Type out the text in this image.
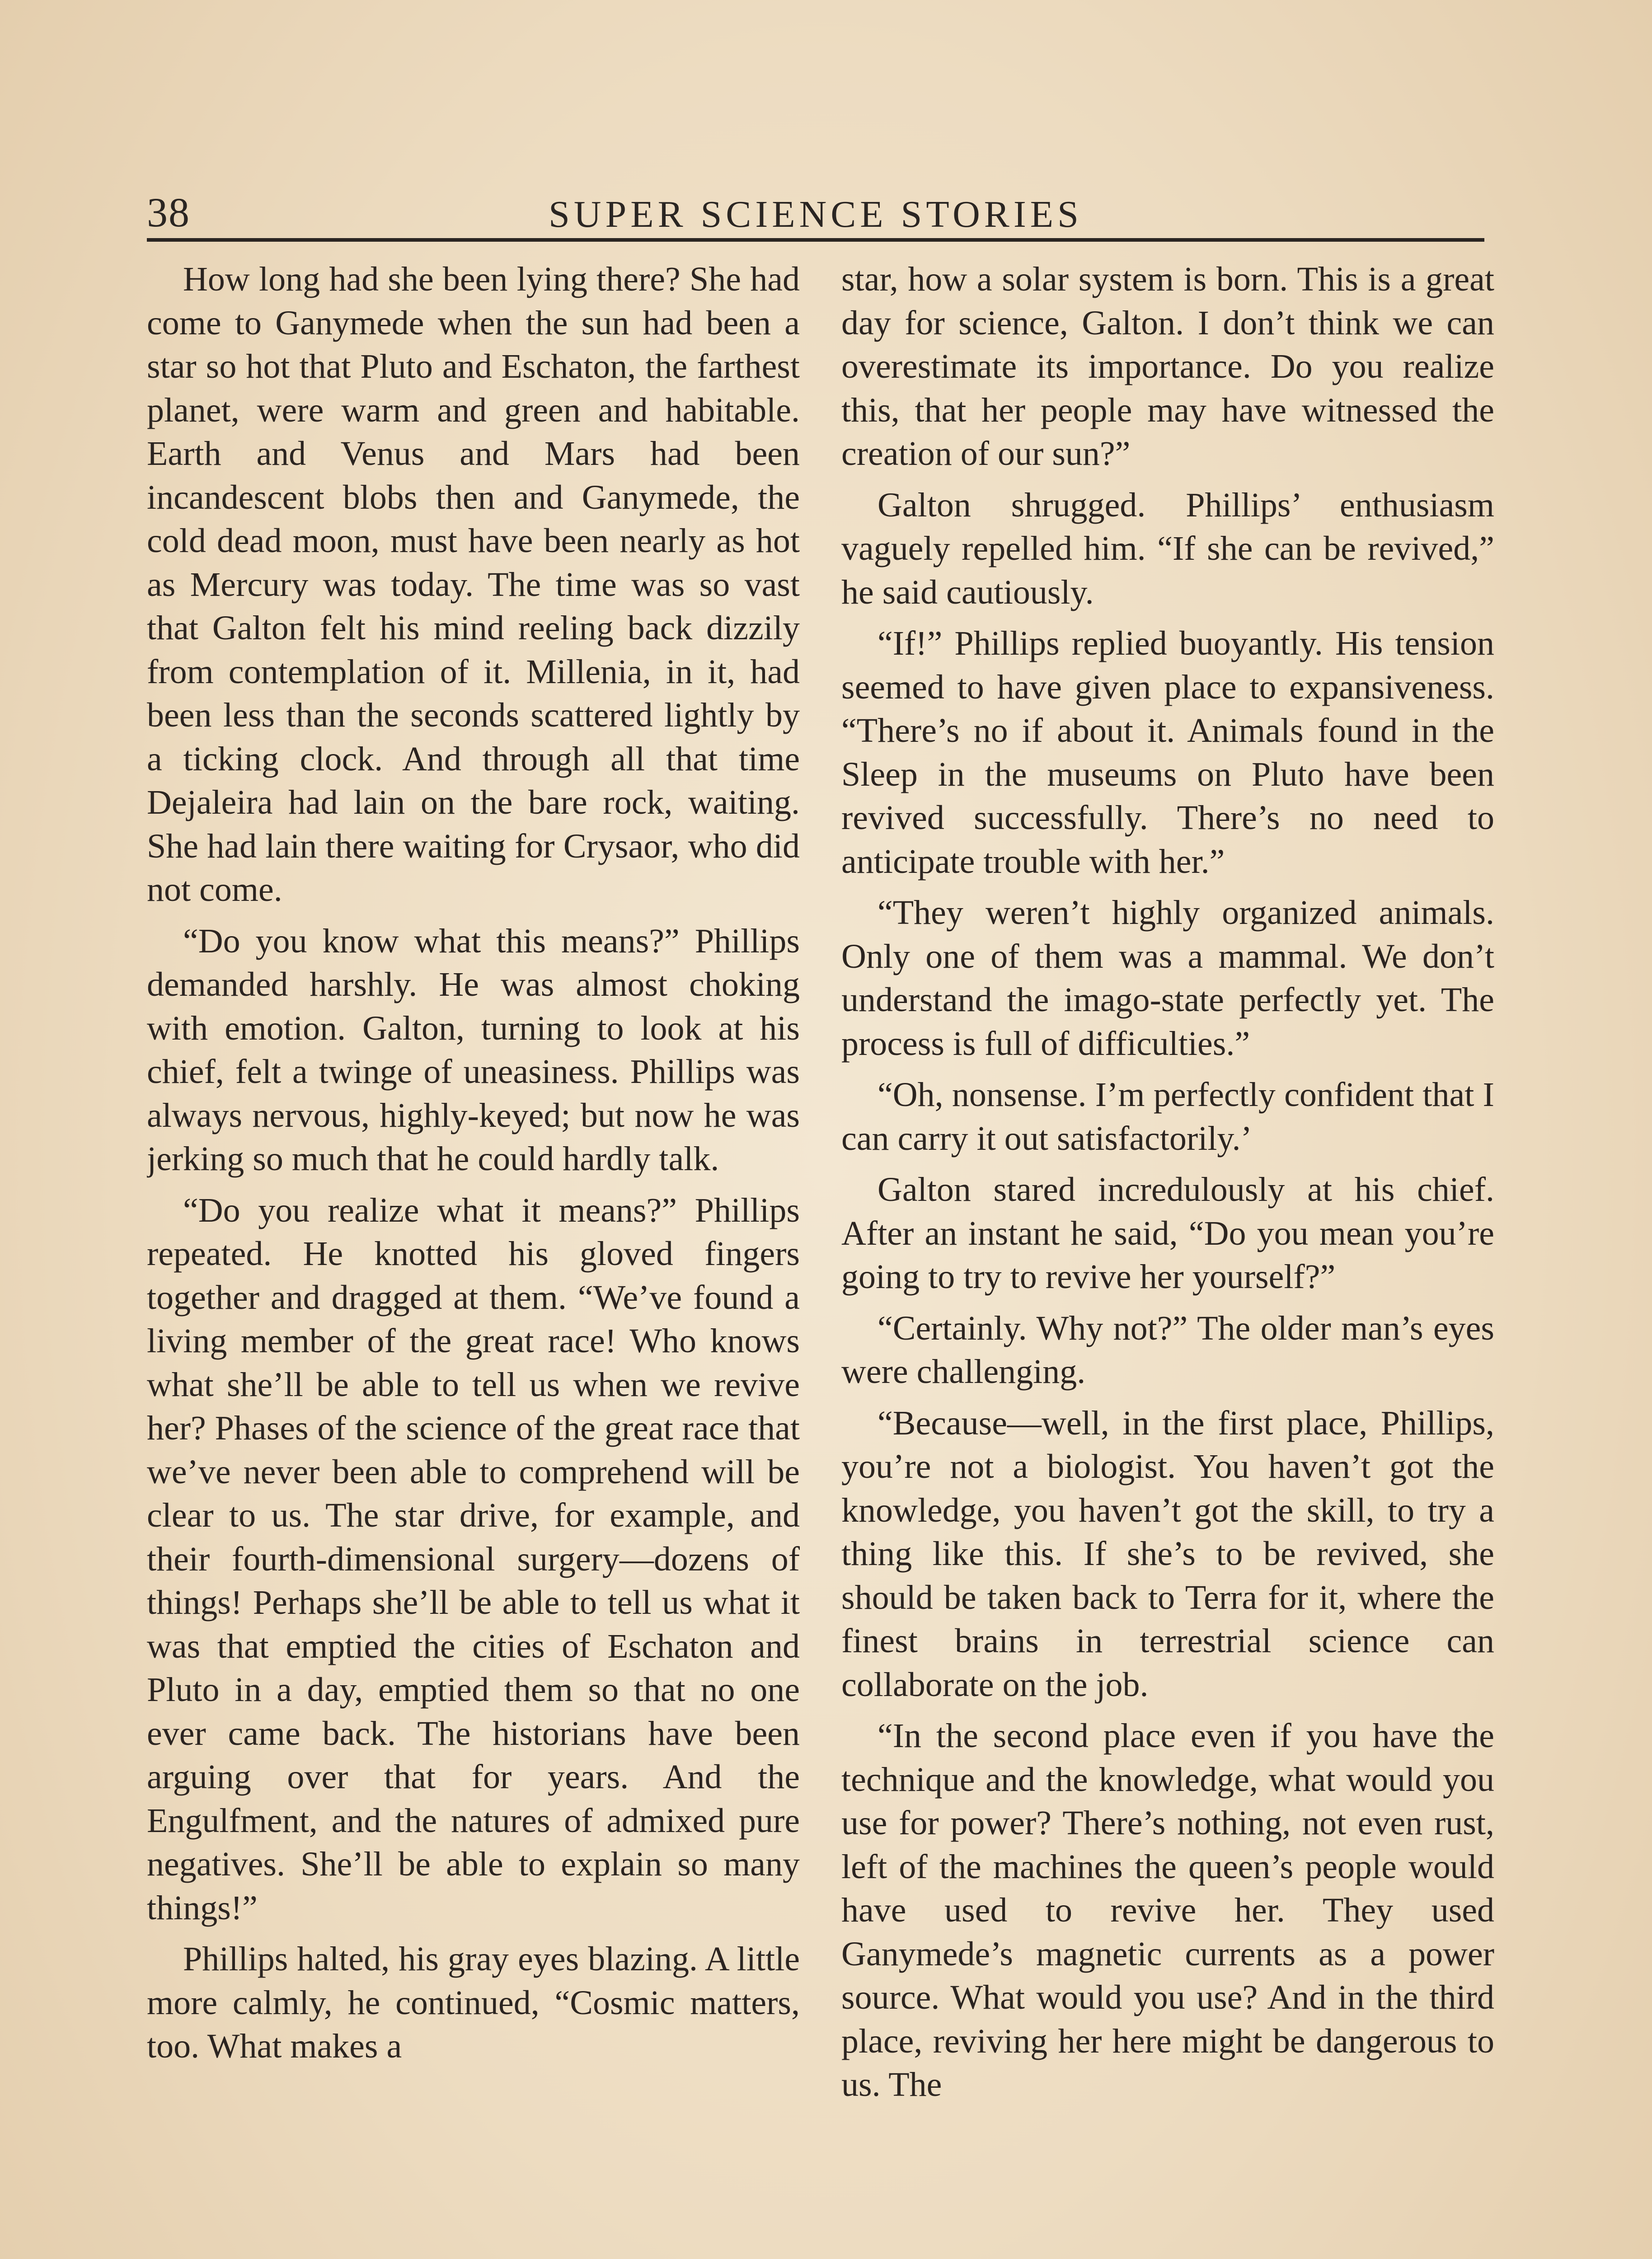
38	SUPER SCIENCE STORIES

How long had she been lying there? She had come to Ganymede when the sun had been a star so hot that Pluto and Eschaton, the farthest planet, were warm and green and habitable. Earth and Venus and Mars had been incandescent blobs then and Ganymede, the cold dead moon, must have been nearly as hot as Mercury was today. The time was so vast that Galton felt his mind reeling back dizzily from contemplation of it. Millenia, in it, had been less than the seconds scattered lightly by a ticking clock. And through all that time Dejaleira had lain on the bare rock, waiting. She had lain there waiting for Crysaor, who did not come.

“Do you know what this means?” Phillips demanded harshly. He was almost choking with emotion. Galton, turning to look at his chief, felt a twinge of uneasiness. Phillips was always nervous, highly-keyed; but now he was jerking so much that he could hardly talk.

“Do you realize what it means?” Phillips repeated. He knotted his gloved fingers together and dragged at them. “We’ve found a living member of the great race! Who knows what she’ll be able to tell us when we revive her? Phases of the science of the great race that we’ve never been able to comprehend will be clear to us. The star drive, for example, and their fourth-dimensional surgery—dozens of things! Perhaps she’ll be able to tell us what it was that emptied the cities of Eschaton and Pluto in a day, emptied them so that no one ever came back. The historians have been arguing over that for years. And the Engulfment, and the natures of admixed pure negatives. She’ll be able to explain so many things!”

Phillips halted, his gray eyes blazing. A little more calmly, he continued, “Cosmic matters, too. What makes a

star, how a solar system is born. This is a great day for science, Galton. I don’t think we can overestimate its importance. Do you realize this, that her people may have witnessed the creation of our sun?”

Galton shrugged. Phillips’ enthusiasm vaguely repelled him. “If she can be revived,” he said cautiously.

“If!” Phillips replied buoyantly. His tension seemed to have given place to expansiveness. “There’s no if about it. Animals found in the Sleep in the museums on Pluto have been revived successfully. There’s no need to anticipate trouble with her.”

“They weren’t highly organized animals. Only one of them was a mammal. We don’t understand the imago-state perfectly yet. The process is full of difficulties.”

“Oh, nonsense. I’m perfectly confident that I can carry it out satisfactorily.’

Galton stared incredulously at his chief. After an instant he said, “Do you mean you’re going to try to revive her yourself?”

“Certainly. Why not?” The older man’s eyes were challenging.

“Because—well, in the first place, Phillips, you’re not a biologist. You haven’t got the knowledge, you haven’t got the skill, to try a thing like this. If she’s to be revived, she should be taken back to Terra for it, where the finest brains in terrestrial science can collaborate on the job.

“In the second place even if you have the technique and the knowledge, what would you use for power? There’s nothing, not even rust, left of the machines the queen’s people would have used to revive her. They used Ganymede’s magnetic currents as a power source. What would you use? And in the third place, reviving her here might be dangerous to us. The
